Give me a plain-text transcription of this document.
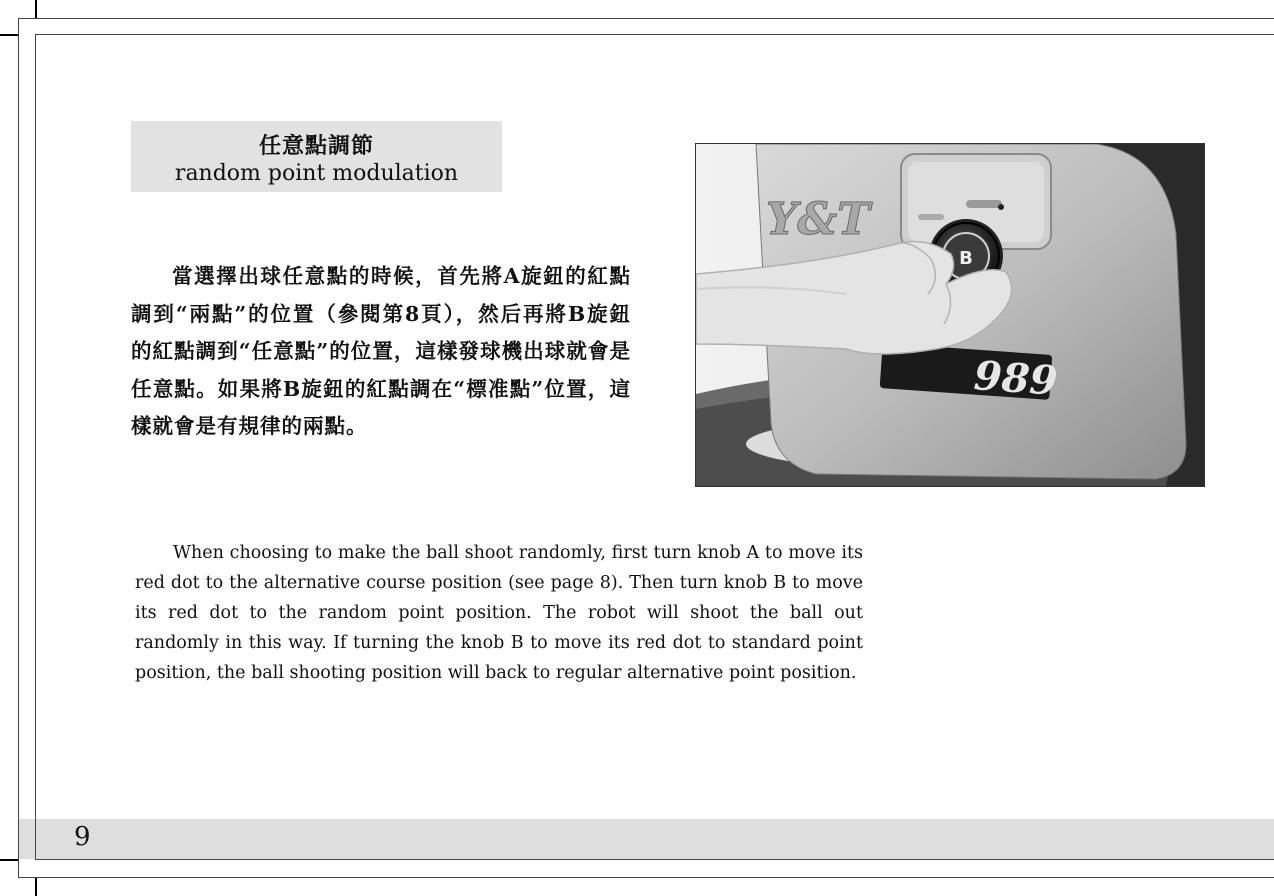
9
任意點調節
random point modulation
當選擇出球任意點的時候，首先將A旋鈕的紅點調到“兩點”的位置（參閱第8頁），然后再將B旋鈕的紅點調到“任意點”的位置，這樣發球機出球就會是任意點。如果將B旋鈕的紅點調在“標准點”位置，這樣就會是有規律的兩點。
When choosing to make the ball shoot randomly, first turn knob A to move its red dot to the alternative course position (see page 8). Then turn knob B to move its red dot to the random point position. The robot will shoot the ball out randomly in this way. If turning the knob B to move its red dot to standard point position, the ball shooting position will back to regular alternative point position.
B
Y&T
989
